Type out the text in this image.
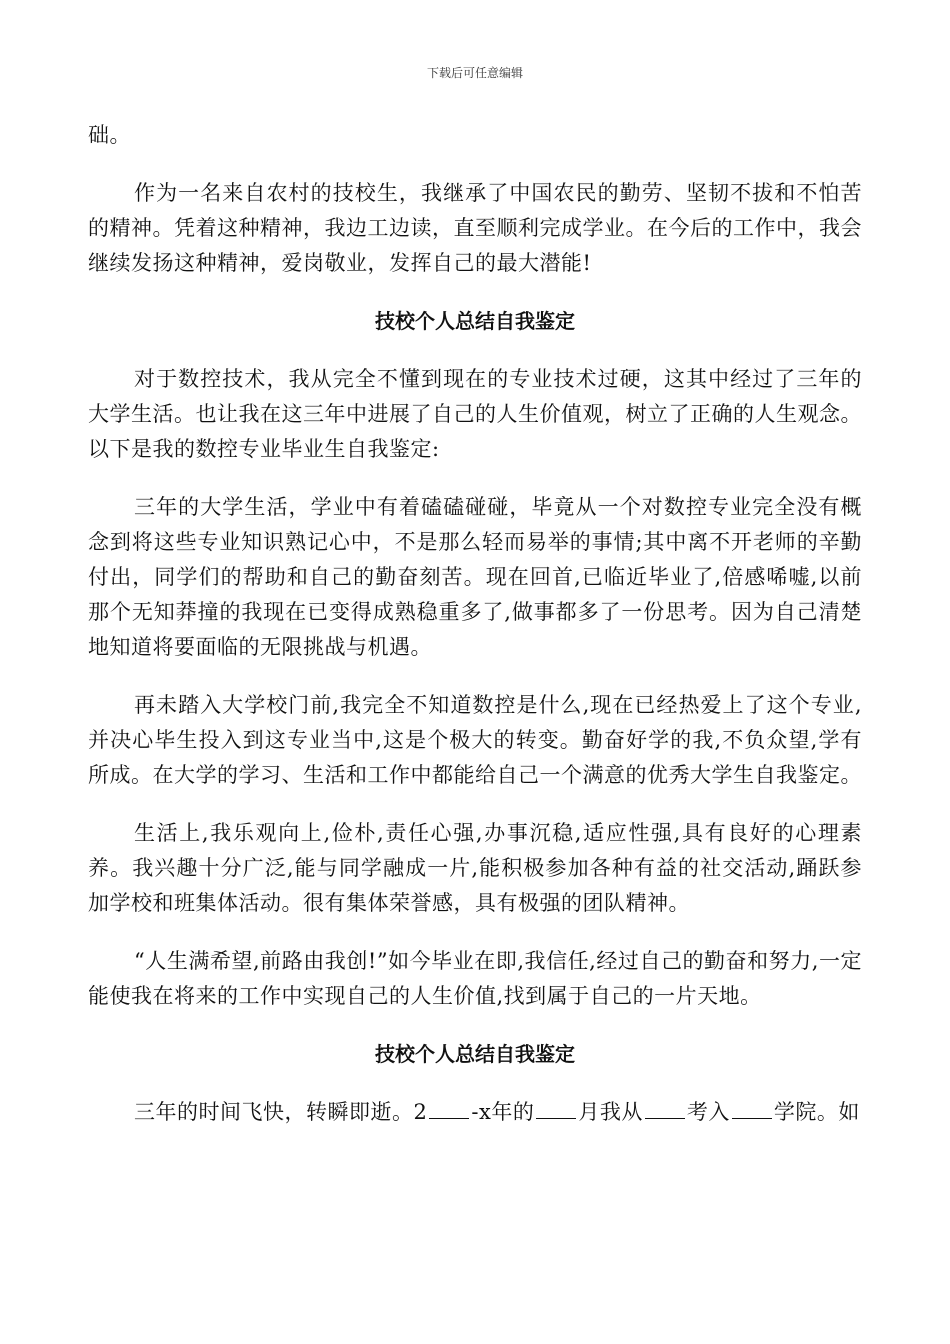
下载后可任意编辑

础。

作为一名来自农村的技校生，我继承了中国农民的勤劳、坚韧不拔和不怕苦的精神。凭着这种精神，我边工边读，直至顺利完成学业。在今后的工作中，我会继续发扬这种精神，爱岗敬业，发挥自己的最大潜能!

技校个人总结自我鉴定

对于数控技术，我从完全不懂到现在的专业技术过硬，这其中经过了三年的大学生活。也让我在这三年中进展了自己的人生价值观，树立了正确的人生观念。以下是我的数控专业毕业生自我鉴定:

三年的大学生活，学业中有着磕磕碰碰，毕竟从一个对数控专业完全没有概念到将这些专业知识熟记心中，不是那么轻而易举的事情;其中离不开老师的辛勤付出，同学们的帮助和自己的勤奋刻苦。现在回首,已临近毕业了,倍感唏嘘,以前那个无知莽撞的我现在已变得成熟稳重多了,做事都多了一份思考。因为自己清楚地知道将要面临的无限挑战与机遇。

再未踏入大学校门前,我完全不知道数控是什么,现在已经热爱上了这个专业,并决心毕生投入到这专业当中,这是个极大的转变。勤奋好学的我,不负众望,学有所成。在大学的学习、生活和工作中都能给自己一个满意的优秀大学生自我鉴定。

生活上,我乐观向上,俭朴,责任心强,办事沉稳,适应性强,具有良好的心理素养。我兴趣十分广泛,能与同学融成一片,能积极参加各种有益的社交活动,踊跃参加学校和班集体活动。很有集体荣誉感，具有极强的团队精神。

“人生满希望,前路由我创!”如今毕业在即,我信任,经过自己的勤奋和努力,一定能使我在将来的工作中实现自己的人生价值,找到属于自己的一片天地。

技校个人总结自我鉴定

三年的时间飞快，转瞬即逝。2 -x年的 月我从 考入 学院。如
